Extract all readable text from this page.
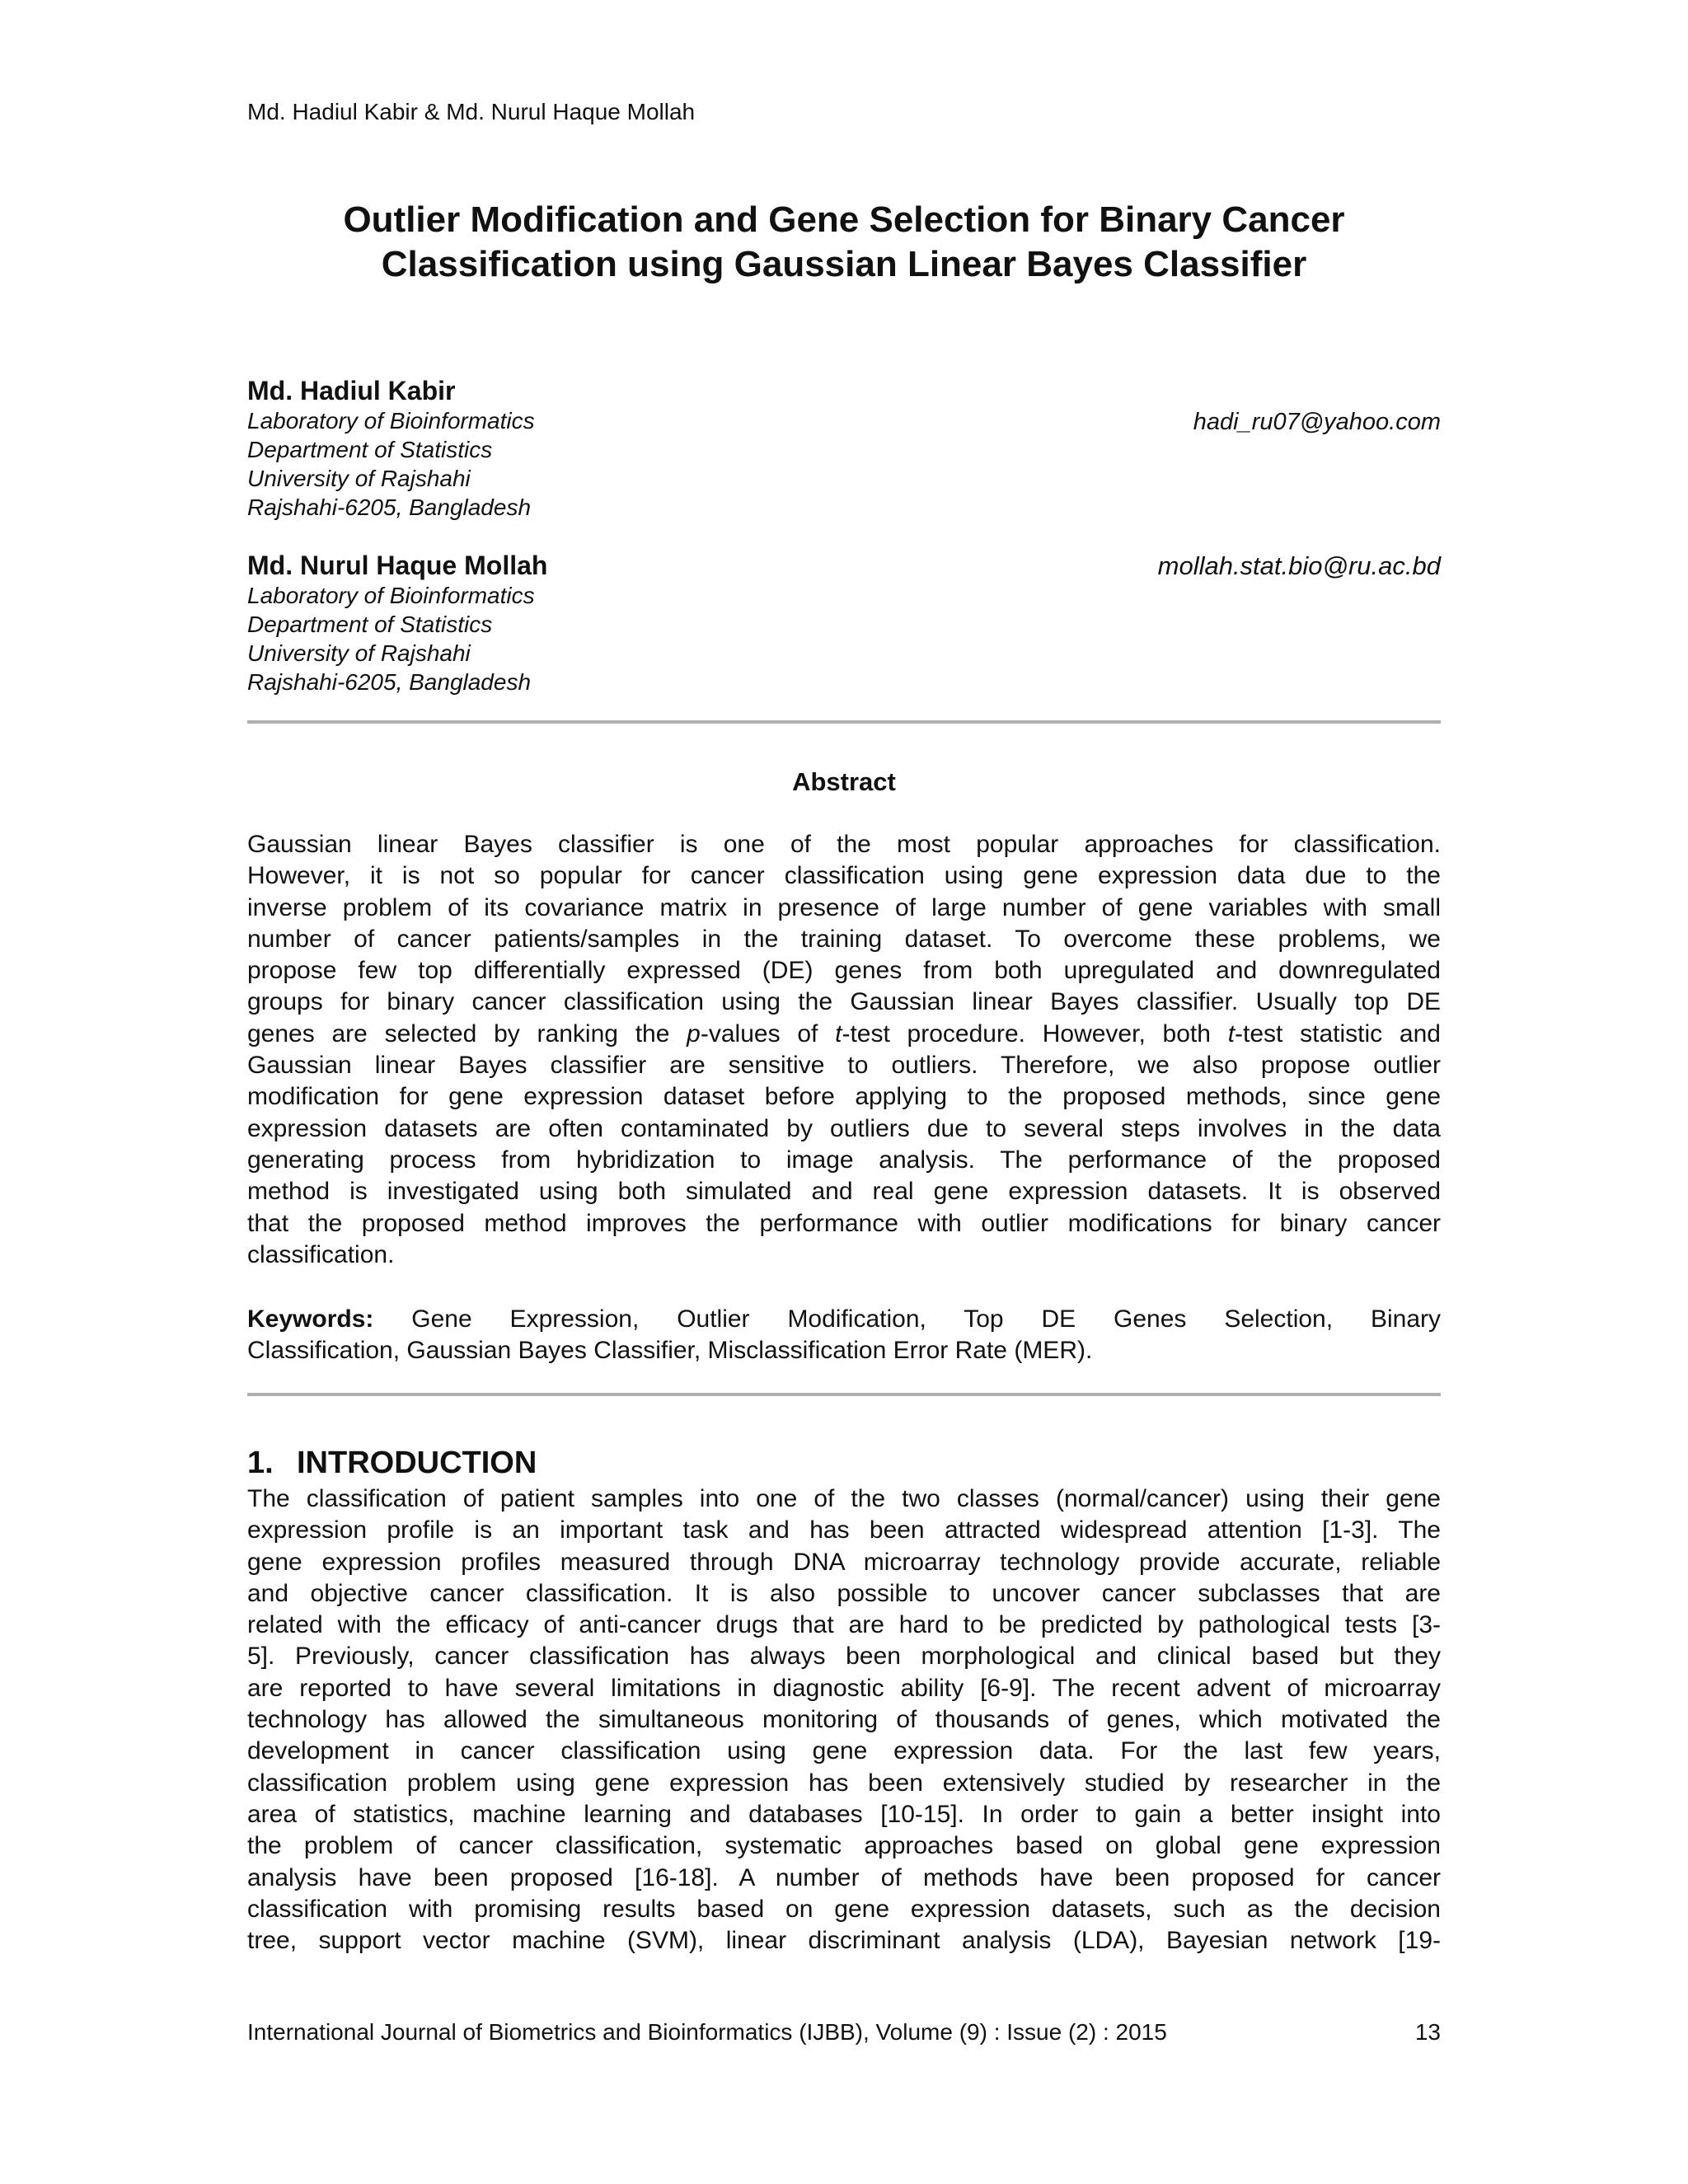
Md. Hadiul Kabir & Md. Nurul Haque Mollah
Outlier Modification and Gene Selection for Binary Cancer
Classification using Gaussian Linear Bayes Classifier
Md. Hadiul Kabir
Laboratory of Bioinformatics
Department of Statistics
University of Rajshahi
Rajshahi-6205, Bangladesh
hadi_ru07@yahoo.com
Md. Nurul Haque Mollah
Laboratory of Bioinformatics
Department of Statistics
University of Rajshahi
Rajshahi-6205, Bangladesh
mollah.stat.bio@ru.ac.bd
Abstract
Gaussian linear Bayes classifier is one of the most popular approaches for classification.
However, it is not so popular for cancer classification using gene expression data due to the
inverse problem of its covariance matrix in presence of large number of gene variables with small
number of cancer patients/samples in the training dataset. To overcome these problems, we
propose few top differentially expressed (DE) genes from both upregulated and downregulated
groups for binary cancer classification using the Gaussian linear Bayes classifier. Usually top DE
genes are selected by ranking the p-values of t-test procedure. However, both t-test statistic and
Gaussian linear Bayes classifier are sensitive to outliers. Therefore, we also propose outlier
modification for gene expression dataset before applying to the proposed methods, since gene
expression datasets are often contaminated by outliers due to several steps involves in the data
generating process from hybridization to image analysis. The performance of the proposed
method is investigated using both simulated and real gene expression datasets. It is observed
that the proposed method improves the performance with outlier modifications for binary cancer
classification.
Keywords: Gene Expression, Outlier Modification, Top DE Genes Selection, Binary
Classification, Gaussian Bayes Classifier, Misclassification Error Rate (MER).
1. INTRODUCTION
The classification of patient samples into one of the two classes (normal/cancer) using their gene
expression profile is an important task and has been attracted widespread attention [1-3]. The
gene expression profiles measured through DNA microarray technology provide accurate, reliable
and objective cancer classification. It is also possible to uncover cancer subclasses that are
related with the efficacy of anti-cancer drugs that are hard to be predicted by pathological tests [3-
5]. Previously, cancer classification has always been morphological and clinical based but they
are reported to have several limitations in diagnostic ability [6-9]. The recent advent of microarray
technology has allowed the simultaneous monitoring of thousands of genes, which motivated the
development in cancer classification using gene expression data. For the last few years,
classification problem using gene expression has been extensively studied by researcher in the
area of statistics, machine learning and databases [10-15]. In order to gain a better insight into
the problem of cancer classification, systematic approaches based on global gene expression
analysis have been proposed [16-18]. A number of methods have been proposed for cancer
classification with promising results based on gene expression datasets, such as the decision
tree, support vector machine (SVM), linear discriminant analysis (LDA), Bayesian network [19-
International Journal of Biometrics and Bioinformatics (IJBB), Volume (9) : Issue (2) : 2015	13
